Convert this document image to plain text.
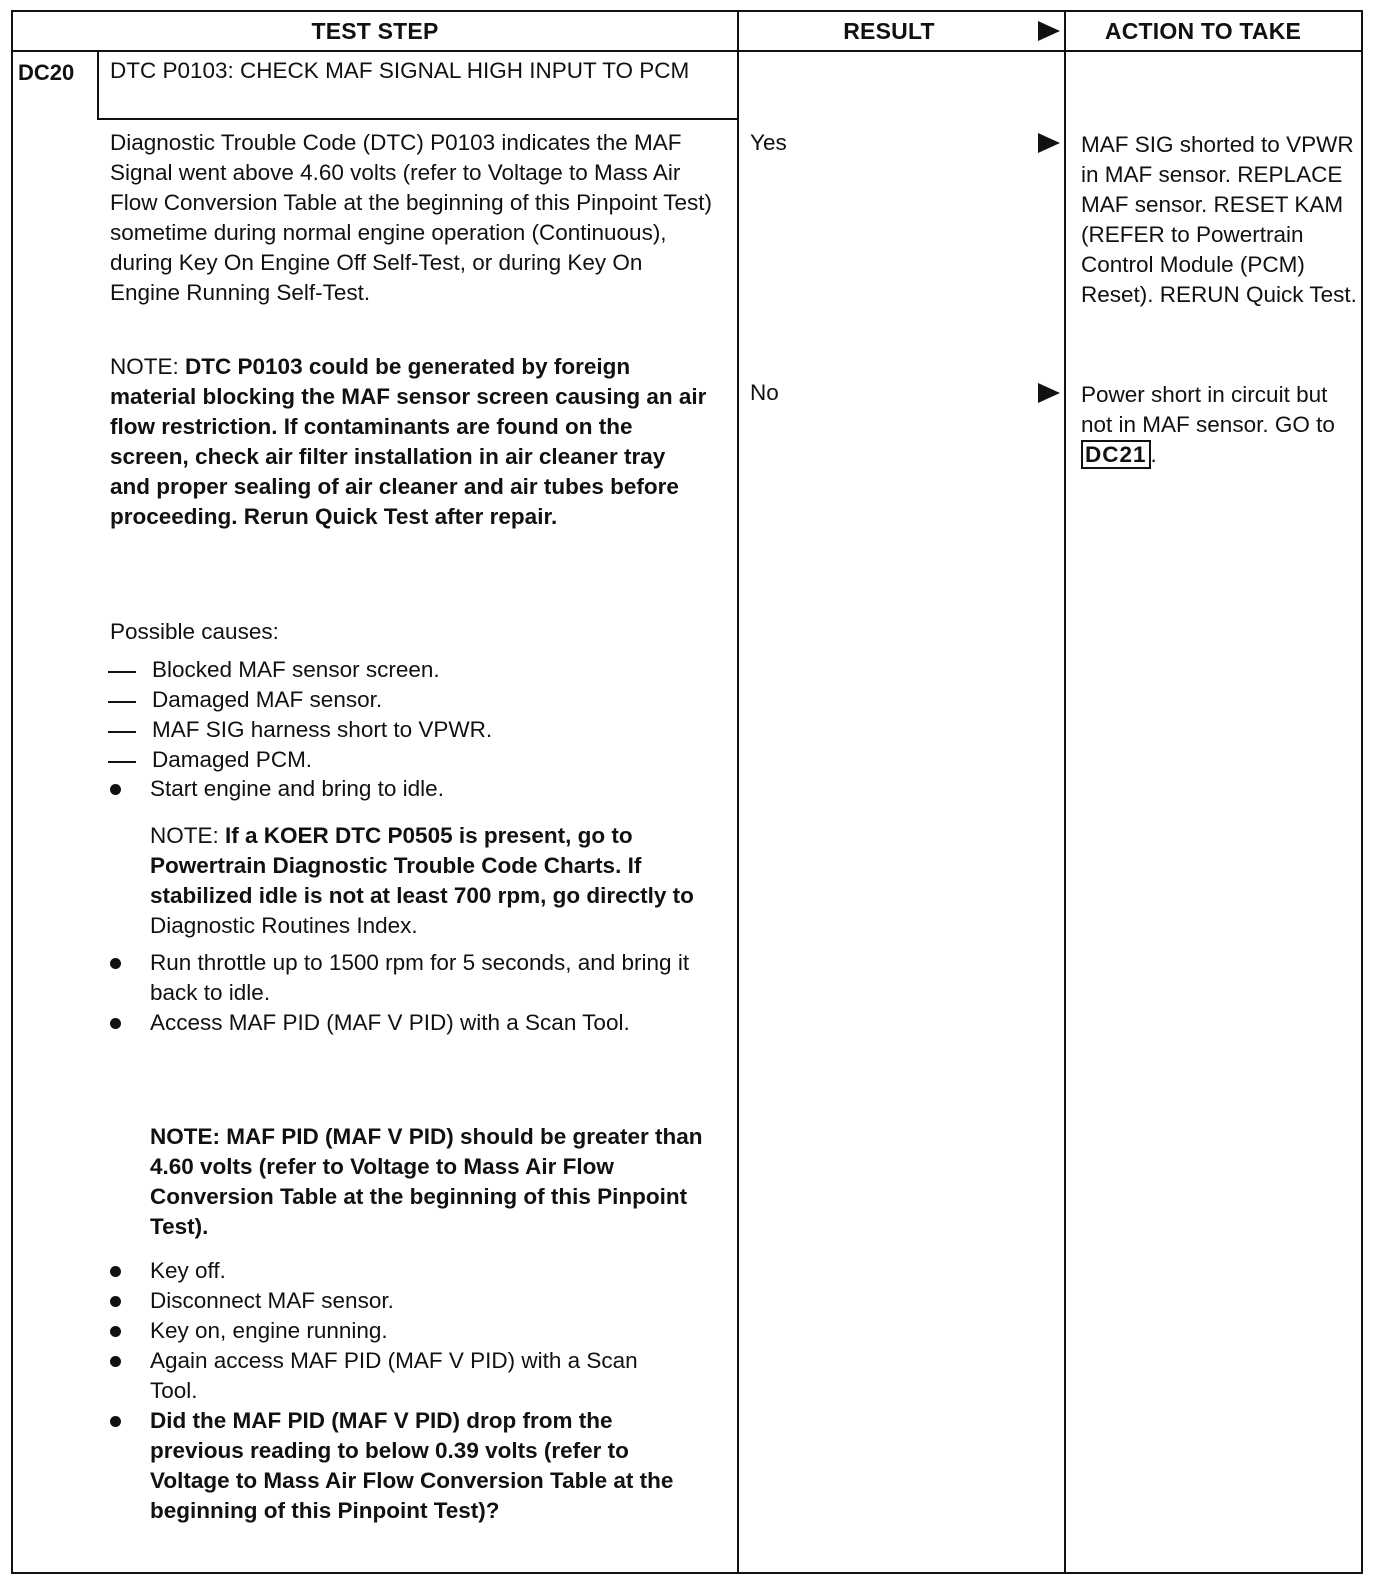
TEST STEP	RESULT	ACTION TO TAKE
DC20 DTC P0103: CHECK MAF SIGNAL HIGH INPUT TO PCM
Diagnostic Trouble Code (DTC) P0103 indicates the MAF Signal went above 4.60 volts (refer to Voltage to Mass Air Flow Conversion Table at the beginning of this Pinpoint Test) sometime during normal engine operation (Continuous), during Key On Engine Off Self-Test, or during Key On Engine Running Self-Test.
NOTE: DTC P0103 could be generated by foreign material blocking the MAF sensor screen causing an air flow restriction. If contaminants are found on the screen, check air filter installation in air cleaner tray and proper sealing of air cleaner and air tubes before proceeding. Rerun Quick Test after repair.
Possible causes:
Blocked MAF sensor screen.
Damaged MAF sensor.
MAF SIG harness short to VPWR.
Damaged PCM.
Start engine and bring to idle.
NOTE: If a KOER DTC P0505 is present, go to Powertrain Diagnostic Trouble Code Charts. If stabilized idle is not at least 700 rpm, go directly to Diagnostic Routines Index.
Run throttle up to 1500 rpm for 5 seconds, and bring it back to idle.
Access MAF PID (MAF V PID) with a Scan Tool.
NOTE: MAF PID (MAF V PID) should be greater than 4.60 volts (refer to Voltage to Mass Air Flow Conversion Table at the beginning of this Pinpoint Test).
Key off.
Disconnect MAF sensor.
Key on, engine running.
Again access MAF PID (MAF V PID) with a Scan Tool.
Did the MAF PID (MAF V PID) drop from the previous reading to below 0.39 volts (refer to Voltage to Mass Air Flow Conversion Table at the beginning of this Pinpoint Test)?
Yes
No
MAF SIG shorted to VPWR in MAF sensor. REPLACE MAF sensor. RESET KAM (REFER to Powertrain Control Module (PCM) Reset). RERUN Quick Test.
Power short in circuit but not in MAF sensor. GO to DC21 .
